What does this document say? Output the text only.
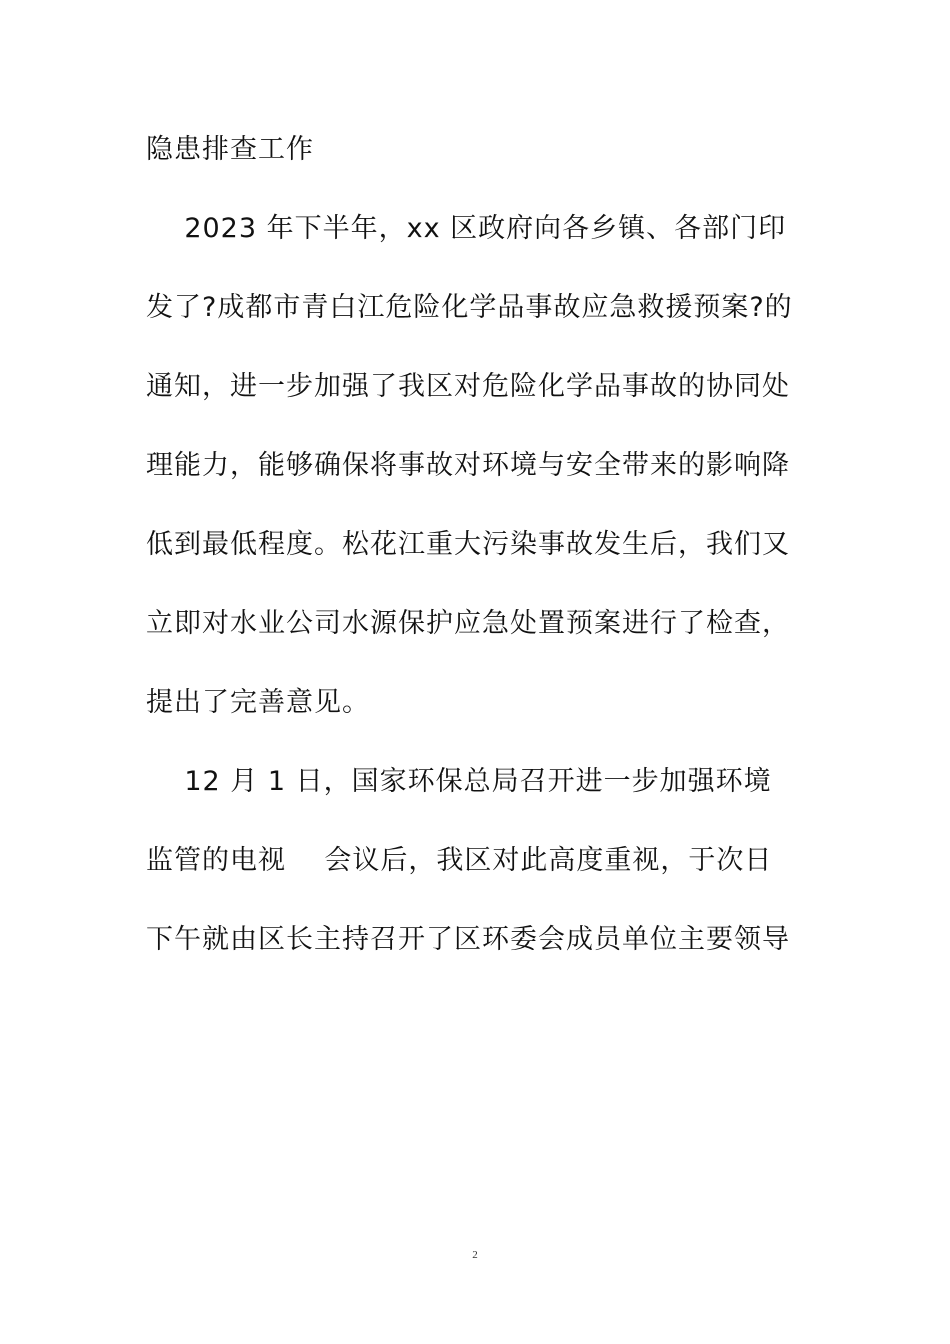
隐患排查工作
2023 年下半年，xx 区政府向各乡镇、各部门印
发了?成都市青白江危险化学品事故应急救援预案?的
通知，进一步加强了我区对危险化学品事故的协同处
理能力，能够确保将事故对环境与安全带来的影响降
低到最低程度。松花江重大污染事故发生后，我们又
立即对水业公司水源保护应急处置预案进行了检查，
提出了完善意见。
12 月 1 日，国家环保总局召开进一步加强环境
监管的电视    会议后，我区对此高度重视，于次日
下午就由区长主持召开了区环委会成员单位主要领导
2
